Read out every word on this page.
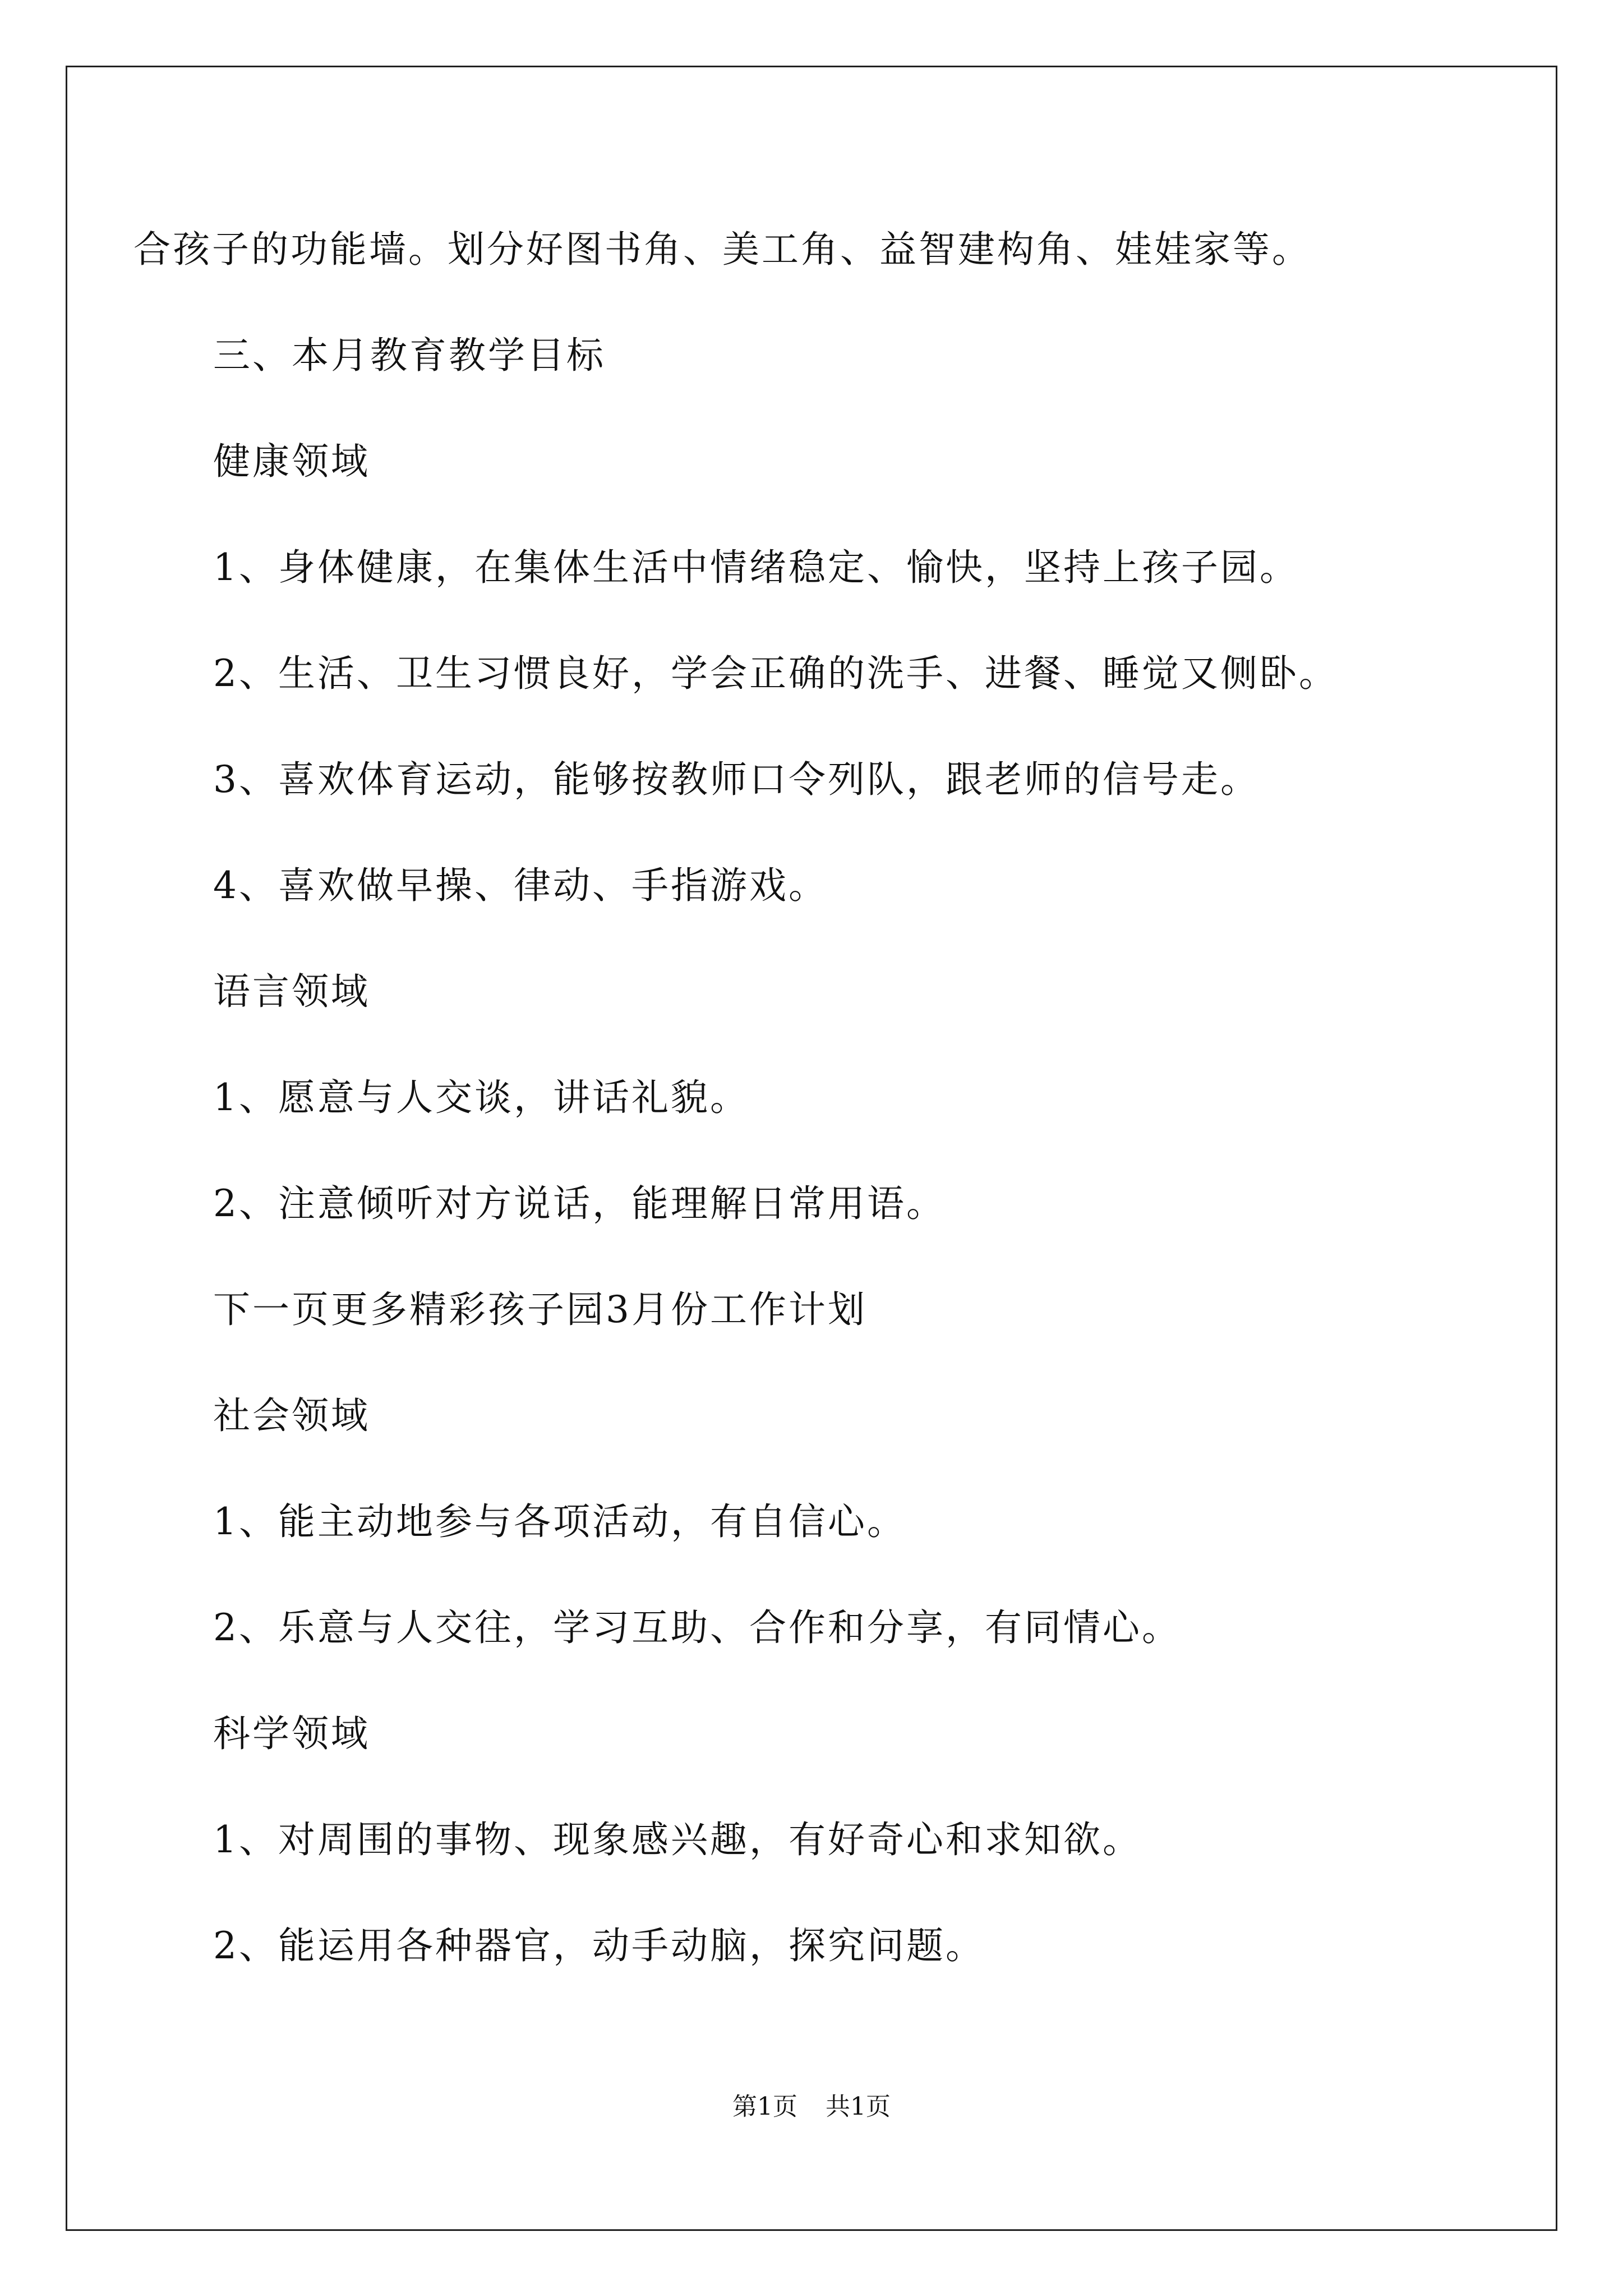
合孩子的功能墙。划分好图书角、美工角、益智建构角、娃娃家等。
三、本月教育教学目标
健康领域
1、身体健康，在集体生活中情绪稳定、愉快，坚持上孩子园。
2、生活、卫生习惯良好，学会正确的洗手、进餐、睡觉又侧卧。
3、喜欢体育运动，能够按教师口令列队，跟老师的信号走。
4、喜欢做早操、律动、手指游戏。
语言领域
1、愿意与人交谈，讲话礼貌。
2、注意倾听对方说话，能理解日常用语。
下一页更多精彩孩子园3月份工作计划
社会领域
1、能主动地参与各项活动，有自信心。
2、乐意与人交往，学习互助、合作和分享，有同情心。
科学领域
1、对周围的事物、现象感兴趣，有好奇心和求知欲。
2、能运用各种器官，动手动脑，探究问题。
第1页 共1页
